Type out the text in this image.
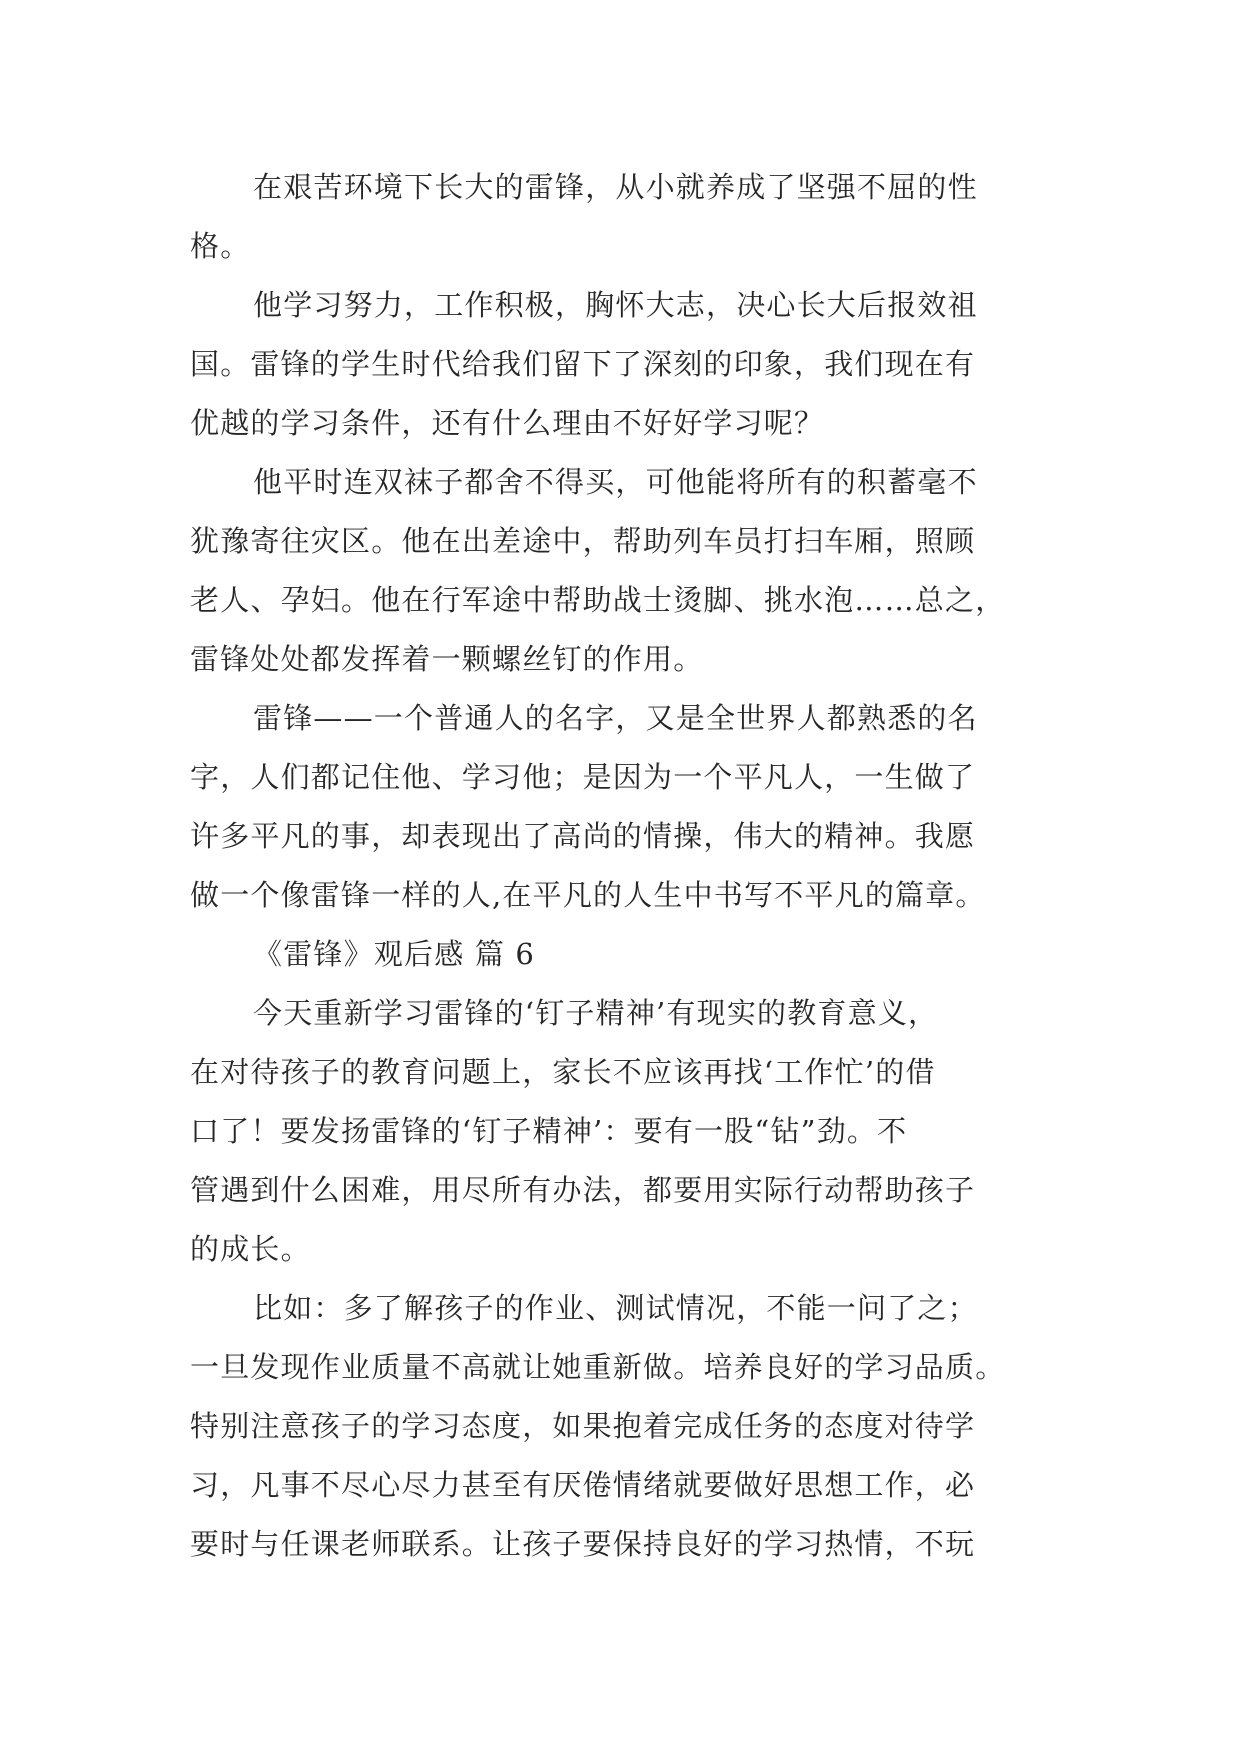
在艰苦环境下长大的雷锋，从小就养成了坚强不屈的性
格。
他学习努力，工作积极，胸怀大志，决心长大后报效祖
国。雷锋的学生时代给我们留下了深刻的印象，我们现在有
优越的学习条件，还有什么理由不好好学习呢？
他平时连双袜子都舍不得买，可他能将所有的积蓄毫不
犹豫寄往灾区。他在出差途中，帮助列车员打扫车厢，照顾
老人、孕妇。他在行军途中帮助战士烫脚、挑水泡……总之，
雷锋处处都发挥着一颗螺丝钉的作用。
雷锋——一个普通人的名字，又是全世界人都熟悉的名
字，人们都记住他、学习他；是因为一个平凡人，一生做了
许多平凡的事，却表现出了高尚的情操，伟大的精神。我愿
做一个像雷锋一样的人,在平凡的人生中书写不平凡的篇章。
《雷锋》观后感 篇 6
今天重新学习雷锋的‘钉子精神’有现实的教育意义，
在对待孩子的教育问题上，家长不应该再找‘工作忙’的借
口了！要发扬雷锋的‘钉子精神’：要有一股“钻”劲。不
管遇到什么困难，用尽所有办法，都要用实际行动帮助孩子
的成长。
比如：多了解孩子的作业、测试情况，不能一问了之；
一旦发现作业质量不高就让她重新做。培养良好的学习品质。
特别注意孩子的学习态度，如果抱着完成任务的态度对待学
习，凡事不尽心尽力甚至有厌倦情绪就要做好思想工作，必
要时与任课老师联系。让孩子要保持良好的学习热情，不玩
